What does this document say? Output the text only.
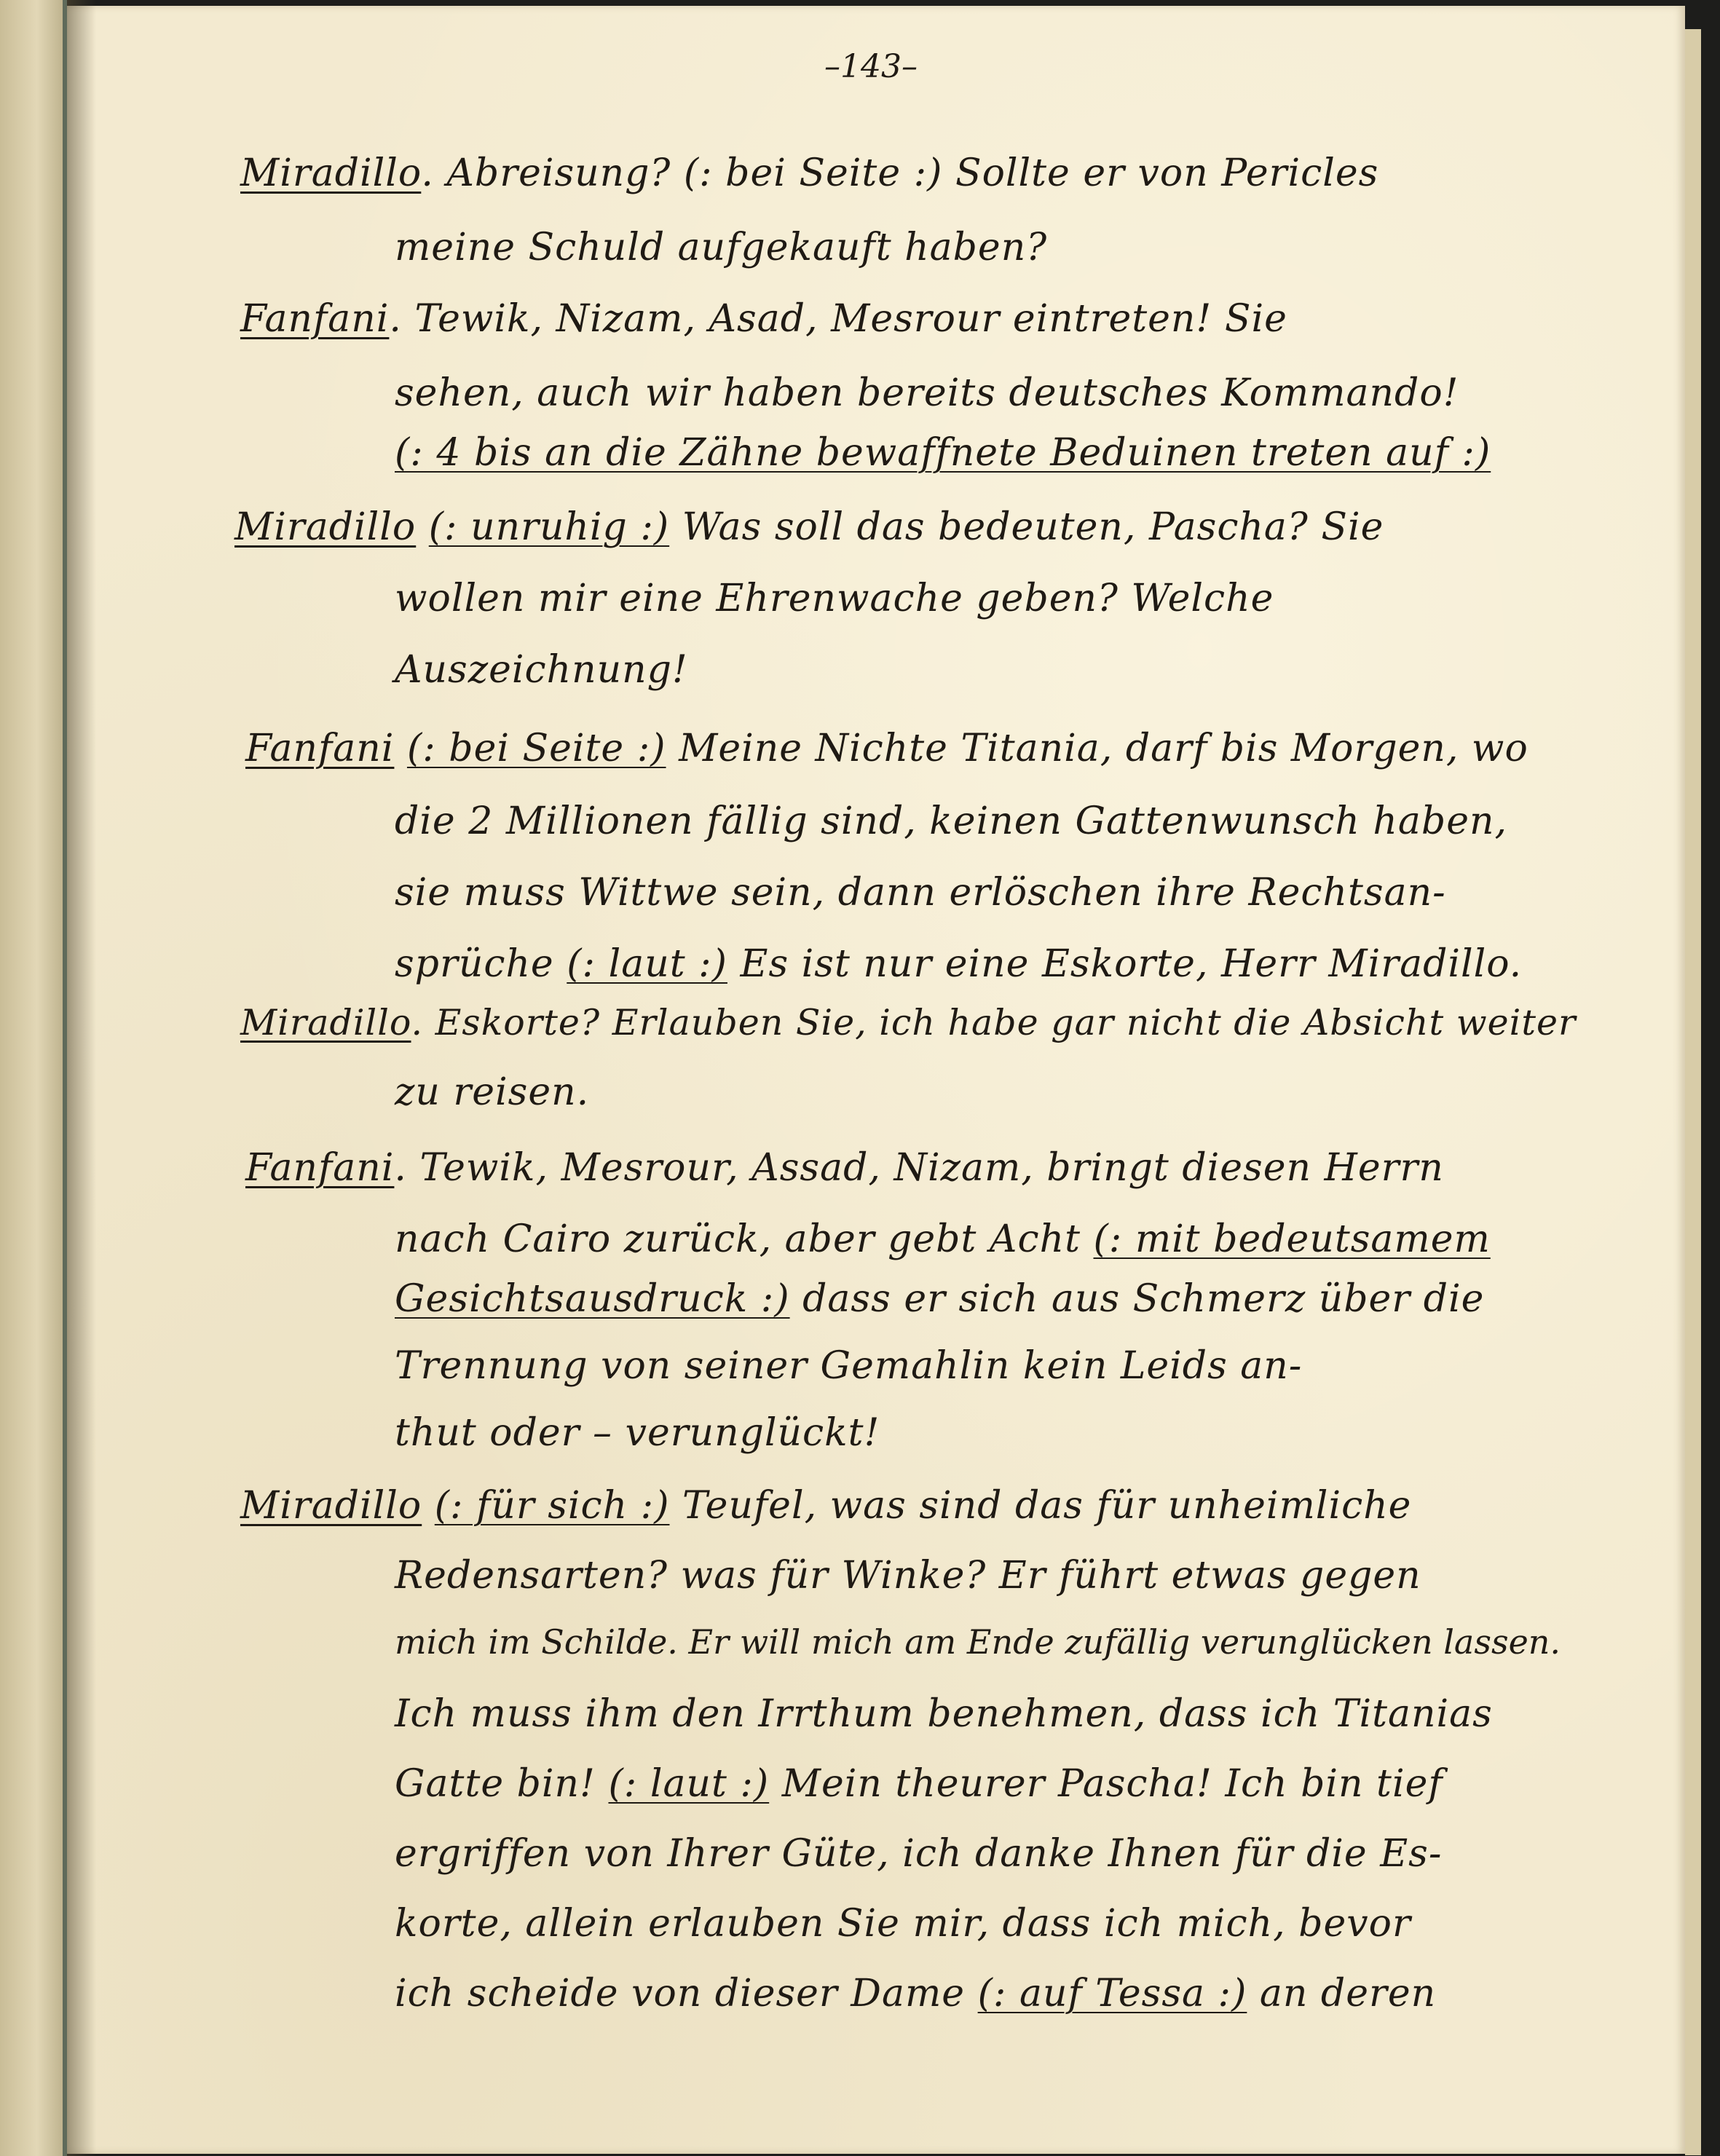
–143–
Miradillo. Abreisung? (: bei Seite :) Sollte er von Pericles
meine Schuld aufgekauft haben?
Fanfani. Tewik, Nizam, Asad, Mesrour eintreten! Sie
sehen, auch wir haben bereits deutsches Kommando!
(: 4 bis an die Zähne bewaffnete Beduinen treten auf :)
Miradillo (: unruhig :) Was soll das bedeuten, Pascha? Sie
wollen mir eine Ehrenwache geben? Welche
Auszeichnung!
Fanfani (: bei Seite :) Meine Nichte Titania, darf bis Morgen, wo
die 2 Millionen fällig sind, keinen Gattenwunsch haben,
sie muss Wittwe sein, dann erlöschen ihre Rechtsan-
sprüche (: laut :) Es ist nur eine Eskorte, Herr Miradillo.
Miradillo. Eskorte? Erlauben Sie, ich habe gar nicht die Absicht weiter
zu reisen.
Fanfani. Tewik, Mesrour, Assad, Nizam, bringt diesen Herrn
nach Cairo zurück, aber gebt Acht (: mit bedeutsamem
Gesichtsausdruck :) dass er sich aus Schmerz über die
Trennung von seiner Gemahlin kein Leids an-
thut oder – verunglückt!
Miradillo (: für sich :) Teufel, was sind das für unheimliche
Redensarten? was für Winke? Er führt etwas gegen
mich im Schilde. Er will mich am Ende zufällig verunglücken lassen.
Ich muss ihm den Irrthum benehmen, dass ich Titanias
Gatte bin! (: laut :) Mein theurer Pascha! Ich bin tief
ergriffen von Ihrer Güte, ich danke Ihnen für die Es-
korte, allein erlauben Sie mir, dass ich mich, bevor
ich scheide von dieser Dame (: auf Tessa :) an deren
